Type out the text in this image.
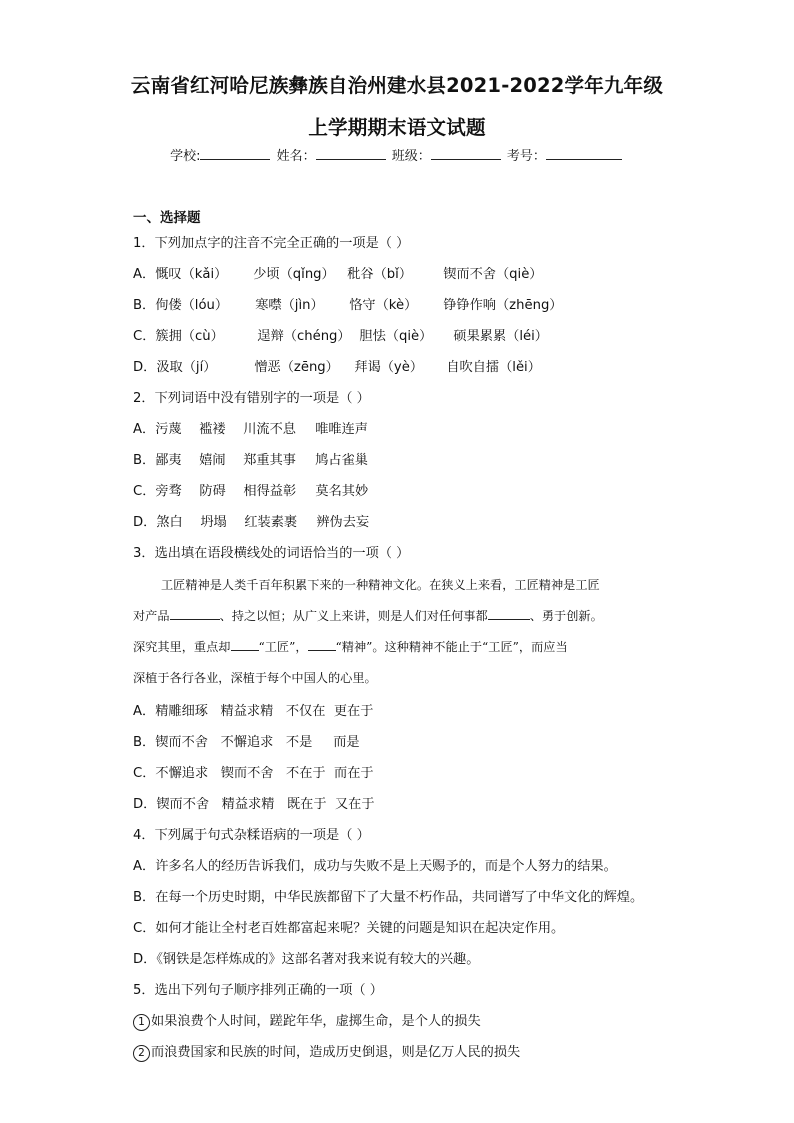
云南省红河哈尼族彝族自治州建水县2021-2022学年九年级
上学期期末语文试题
学校:	姓名：	班级：	考号：
一、选择题
1．下列加点字的注音不完全正确的一项是（ ）
A．慨叹（kǎi） 少顷（qǐng） 秕谷（bǐ） 锲而不舍（qiè）
B．佝偻（lóu） 寒噤（jìn） 恪守（kè） 铮铮作响（zhēng）
C．簇拥（cù）	逞辩（chéng） 胆怯（qiè） 硕果累累（léi）
D．汲取（jí）	憎恶（zēng） 拜谒（yè） 自吹自擂（lěi）
2．下列词语中没有错别字的一项是（ ）
A．污蔑 褴褛 川流不息 唯唯连声
B．鄙夷 嬉闹 郑重其事 鸠占雀巢
C．旁骛 防碍 相得益彰 莫名其妙
D．煞白 坍塌 红装素裹 辨伪去妄
3．选出填在语段横线处的词语恰当的一项（ ）
工匠精神是人类千百年积累下来的一种精神文化。在狭义上来看，工匠精神是工匠
对产品	、持之以恒；从广义上来讲，则是人们对任何事都	、勇于创新。
深究其里，重点却 “工匠”， “精神”。这种精神不能止于“工匠”，而应当
深植于各行各业，深植于每个中国人的心里。
A．精雕细琢   精益求精   不仅在  更在于
B．锲而不舍   不懈追求   不是     而是
C．不懈追求   锲而不舍   不在于  而在于
D．锲而不舍   精益求精   既在于  又在于
4．下列属于句式杂糅语病的一项是（ ）
A．许多名人的经历告诉我们，成功与失败不是上天赐予的，而是个人努力的结果。
B．在每一个历史时期，中华民族都留下了大量不朽作品，共同谱写了中华文化的辉煌。
C．如何才能让全村老百姓都富起来呢？关键的问题是知识在起决定作用。
D．《钢铁是怎样炼成的》这部名著对我来说有较大的兴趣。
5．选出下列句子顺序排列正确的一项（ ）
1 如果浪费个人时间，蹉跎年华，虚掷生命，是个人的损失
2 而浪费国家和民族的时间，造成历史倒退，则是亿万人民的损失
